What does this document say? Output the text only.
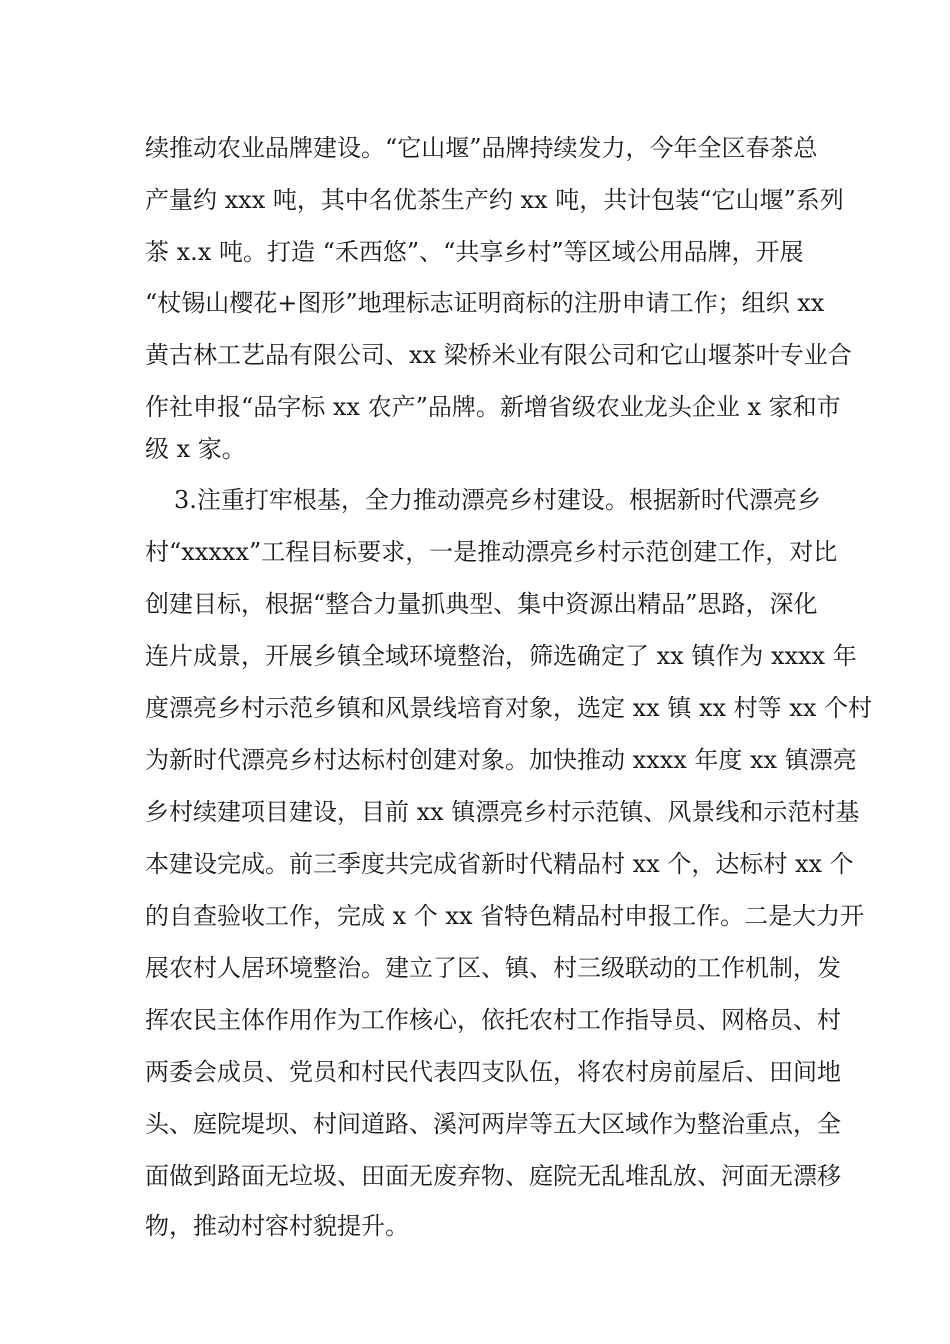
续推动农业品牌建设。“它山堰”品牌持续发力，今年全区春茶总
产量约 xxx 吨，其中名优茶生产约 xx 吨，共计包装“它山堰”系列
茶 x.x 吨。打造 “禾西悠”、“共享乡村”等区域公用品牌，开展
“杖锡山樱花+图形”地理标志证明商标的注册申请工作；组织 xx
黄古林工艺品有限公司、xx 梁桥米业有限公司和它山堰茶叶专业合
作社申报“品字标 xx 农产”品牌。新增省级农业龙头企业 x 家和市
级 x 家。
3.注重打牢根基，全力推动漂亮乡村建设。根据新时代漂亮乡
村“xxxxx”工程目标要求，一是推动漂亮乡村示范创建工作，对比
创建目标，根据“整合力量抓典型、集中资源出精品”思路，深化
连片成景，开展乡镇全域环境整治，筛选确定了 xx 镇作为 xxxx 年
度漂亮乡村示范乡镇和风景线培育对象，选定 xx 镇 xx 村等 xx 个村
为新时代漂亮乡村达标村创建对象。加快推动 xxxx 年度 xx 镇漂亮
乡村续建项目建设，目前 xx 镇漂亮乡村示范镇、风景线和示范村基
本建设完成。前三季度共完成省新时代精品村 xx 个，达标村 xx 个
的自查验收工作，完成 x 个 xx 省特色精品村申报工作。二是大力开
展农村人居环境整治。建立了区、镇、村三级联动的工作机制，发
挥农民主体作用作为工作核心，依托农村工作指导员、网格员、村
两委会成员、党员和村民代表四支队伍，将农村房前屋后、田间地
头、庭院堤坝、村间道路、溪河两岸等五大区域作为整治重点，全
面做到路面无垃圾、田面无废弃物、庭院无乱堆乱放、河面无漂移
物，推动村容村貌提升。
